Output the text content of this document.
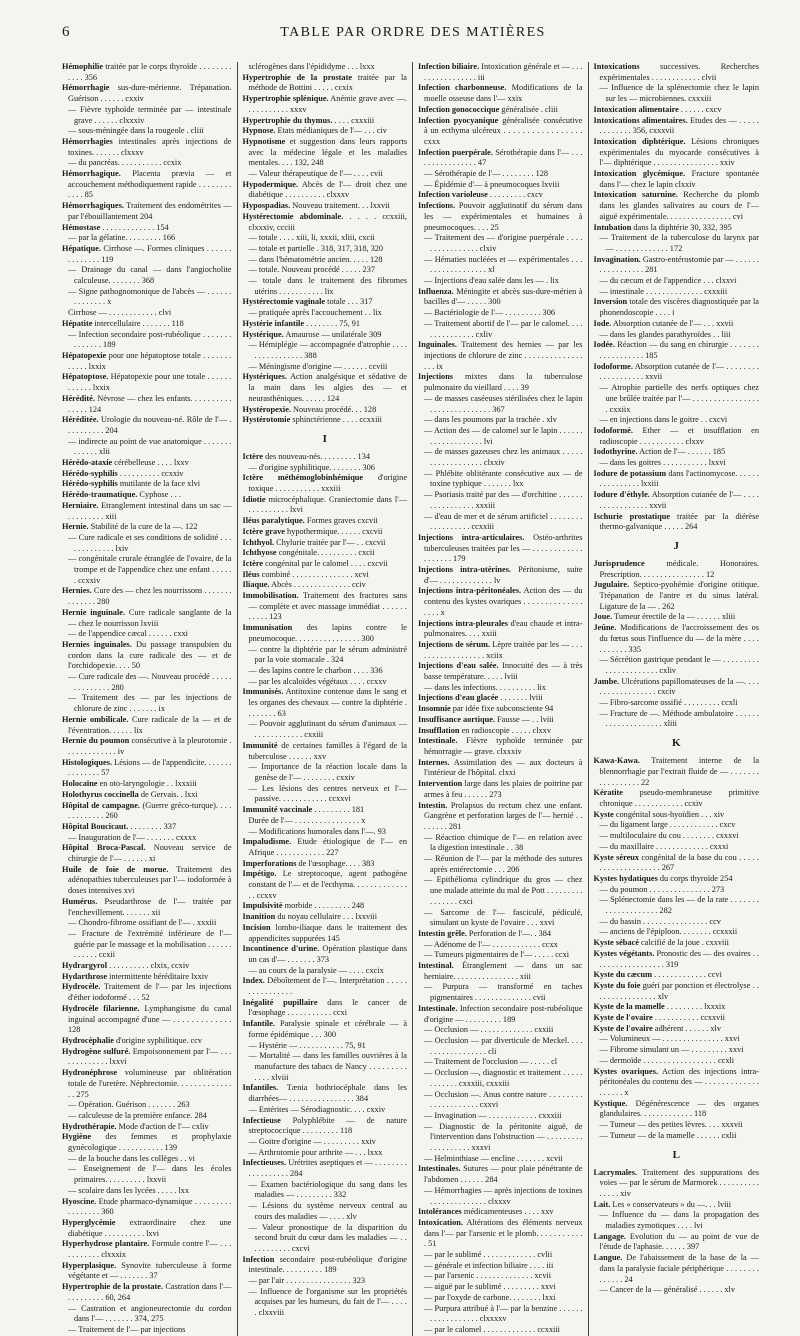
6	TABLE PAR ORDRE DES MATIÈRES

Hémophilie traitée par le corps thyroïde . . . . . . . . . . . . 356

Hémorrhagie sus-dure-mérienne. Trépanation. Guérison . . . . . . cxxiv

— Fièvre typhoïde terminée par — intestinale grave . . . . . . clxxxiv

— sous-méningée dans la rougeole . cliii

Hémorrhagies intestinales après injections de toxines. . . . . . . clxxxv

— du pancréas. . . . . . . . . . . ccxix

Hémorrhagique. Placenta prævia — et accouchement méthodiquement rapide . . . . . . . . . . . . 85

Hémorrhagiques. Traitement des endométrites — par l'ébouillantement 204

Hémostase . . . . . . . . . . . . . 154

— par la gélatine. . . . . . . . . 166

Hépatique. Cirrhose —. Formes cliniques . . . . . . . . . . . . . . 119

— Drainage du canal — dans l'angiocholite calculeuse. . . . . . . . 368

— Signe pathognomonique de l'abcès — . . . . . . . . . . . . . . x

Cirrhose — . . . . . . . . . . . . clvi

Hépatite intercellulaire . . . . . . . 118

— Infection secondaire post-rubéolique . . . . . . . . . . . . . . 189

Hépatopexie pour une hépatoptose totale . . . . . . . . . . . . lxxix

Hépatoptose. Hépatopexie pour une totale . . . . . . . . . . . . lxxix

Hérédité. Névrose — chez les enfants. . . . . . . . . . . . . . . 124

Héréditée. Urologie du nouveau-né. Rôle de l'— . . . . . . . . . . 204

— indirecte au point de vue anatomique . . . . . . . . . . . . . xlii

Hérédo-ataxie cérébelleuse . . . . lxxv

Hérédo-syphilis . . . . . . . . . . ccxxiv

Hérédo-syphilis mutilante de la face xlvi

Hérédo-traumatique. Cyphose . . .

Herniaire. Etranglement intestinal dans un sac — . . . . . . . . . xiii

Hernie. Stabilité de la cure de la —. 122

— Cure radicale et ses conditions de solidité . . . . . . . . . . . . . lxiv

— congénitale crurale étranglée de l'ovaire, de la trompe et de l'appendice chez une enfant . . . . . . ccxxiv

Hernies. Cure des — chez les nourrissons . . . . . . . . . . . . . . 280

Hernie inguinale. Cure radicale sanglante de la — chez le nourrisson lxviii

— de l'appendice cæcal . . . . . . cxxi

Hernies inguinales. Du passage transpubien du cordon dans la cure radicale des — et de l'orchidopexie. . . . 50

— Cure radicale des —. Nouveau procédé . . . . . . . . . . . . . . 280

— Traitement des — par les injections de chlorure de zinc . . . . . . . ix

Hernie ombilicale. Cure radicale de la — et de l'éventration. . . . . . lix

Hernie du poumon consécutive à la pleurotomie . . . . . . . . . . . . . iv

Histologiques. Lésions — de l'appendicite. . . . . . . . . . . . . . . 57

Holocaïne en oto-laryngologie . . lxxxiii

Holothyrus coccinella de Gervais. . lxxi

Hôpital de campagne. (Guerre gréco-turque). . . . . . . . . . . . . 260

Hôpital Boucicaut. . . . . . . . . 337

— Inauguration de l'— . . . . . . . cxxxx

Hôpital Broca-Pascal. Nouveau service de chirurgie de l'— . . . . . . xi

Huile de foie de morue. Traitement des adénopathies tuberculeuses par l'— iodoformée à doses intensives xvi

Humérus. Pseudarthrose de l'— traitée par l'enchevillement. . . . . . . xii

— Chondro-fibrome ossifiant de l'— . xxxiii

— Fracture de l'extrémité inférieure de l'— guérie par le massage et la mobilisation . . . . . . . . . . . . ccxii

Hydrargyrol . . . . . . . . . . clxix, ccxiv

Hydarthrose intermittente héréditaire lxxiv

Hydrocèle. Traitement de l'— par les injections d'éther iodoformé . . . 52

Hydrocèle filarienne. Lymphangisme du canal inguinal accompagné d'une — . . . . . . . . . . . . . 128

Hydrocéphalie d'origine syphilitique. ccv

Hydrogène sulfuré. Empoisonnement par l'— . . . . . . . . . . . . . lxxvi

Hydronéphrose volumineuse par oblitération totale de l'uretère. Néphrectomie. . . . . . . . . . . . . . . 275

— Opération. Guérison . . . . . . . 263

— calculeuse de la première enfance. 284

Hydrothérapie. Mode d'action de l'— cxliv

Hygiène des femmes et prophylaxie gynécologique . . . . . . . . . . . 139

— de la bouche dans les collèges . . vi

— Enseignement de l'— dans les écoles primaires. . . . . . . . . . lxxvii

— scolaire dans les lycées . . . . . lxx

Hyoscine. Etude pharmaco-dynamique . . . . . . . . . . . . . . . . . 360

Hyperglycémie extraordinaire chez une diabétique . . . . . . . . . . lxvi

Hyperhydrose plantaire. Formule contre l'— . . . . . . . . . . . clxxxix

Hyperplasique. Synovite tuberculeuse à forme végétante et — . . . . . . . 37

Hypertrophie de la prostate. Castration dans l'— . . . . . . . . . 60, 264

— Castration et angioneurectomie du cordon dans l'— . . . . . . . 374, 275

— Traitement de l'— par injections

sclérogènes dans l'épididyme . . . lxxx

Hypertrophie de la prostate traitée par la méthode de Bottini . . . . . ccxix

Hypertrophie splénique. Anémie grave avec —. . . . . . . . . . . xxxv

Hypertrophie du thymus. . . . . cxxxiii

Hypnose. Etats médianiques de l'— . . . civ

Hypnotisme et suggestion dans leurs rapports avec la médecine légale et les maladies mentales. . . . 132, 248

— Valeur thérapeutique de l'— . . . . cvii

Hypodermique. Abcès de l'— droit chez une diabétique . . . . . . . . . . clxxxv

Hypospadias. Nouveau traitement. . . lxxvii

Hystérectomie abdominale. . . . . ccxxiii, clxxxiv, ccciii

— totale . . . . xiii, li, xxxii, xliii, cxcii

— totale et partielle . 318, 317, 318, 320

— dans l'hématométrie ancien. . . . . 128

— totale. Nouveau procédé . . . . . 237

— totale dans le traitement des fibromes utérins . . . . . . . . . . . lix

Hystérectomie vaginale totale . . . 317

— pratiquée après l'accouchement . . lix

Hystérie infantile . . . . . . . . 75, 91

Hystérique. Amaurose — unilatérale 309

— Hémiplégie — accompagnée d'atrophie . . . . . . . . . . . . . . . . 388

— Méningisme d'origine — . . . . . . ccviii

Hystériques. Action analgésique et sédative de la main dans les algies des — et neurasthéniques. . . . . . 124

Hystéropexie. Nouveau procédé. . . 128

Hystérotomie sphinctérienne . . . . ccxxiii

I

Ictère des nouveau-nés. . . . . . . . . 134

— d'origine syphilitique. . . . . . . . 306

Ictère méthémoglobinhémique d'origine toxique . . . . . . . . . . . xxxiii

Idiotie microcéphalique. Craniectomie dans l'— . . . . . . . . . . lxvi

Iléus paralytique. Formes graves cxcvii

Ictère grave hypothermique. . . . . . cxcvii

Ichthyol. Chylurie traitée par l'— . . cxcvii

Ichthyose congénitale. . . . . . . . . . cxcii

Ictère congénital par le calomel . . . . cxcvii

Iléus combiné . . . . . . . . . . . . . . . xcvi

Iliaque. Abcès . . . . . . . . . . . . . . cciv

Immobilisation. Traitement des fractures sans — complète et avec massage immédiat . . . . . . . . . . . 123

Immunisation des lapins contre le pneumocoque. . . . . . . . . . . . . . . . 300

— contre la diphtérie par le sérum administré par la voie stomacale . 324

— des lapins contre le charbon . . . . 336

— par les alcaloïdes végétaux . . . . ccxxv

Immunisés. Antitoxine contenue dans le sang et les organes des chevaux — contre la diphtérie . . . . . . . . 63

— Pouvoir agglutinant du sérum d'animaux — . . . . . . . . . . . . cxxiii

Immunité de certaines familles à l'égard de la tuberculose . . . . . . xxv

— Importance de la réaction locale dans la genèse de l'— . . . . . . . . cxxiv

— Les lésions des centres nerveux et l'— passive. . . . . . . . . . . . ccxxvi

Immunité vaccinale . . . . . . . . . 181

Durée de l'— . . . . . . . . . . . . . . . . x

— Modifications humorales dans l'—. 93

Impaludisme. Etude étiologique de l'— en Afrique . . . . . . . . . . . . 227

Imperforations de l'œsophage. . . . 383

Impétigo. Le streptocoque, agent pathogène constant de l'— et de l'ecthyma. . . . . . . . . . . . . . . ccxxv

Impulsivité morbide . . . . . . . . . 248

Inanition du noyau cellulaire . . . lxxviii

Incision lombo-iliaque dans le traitement des appendicites suppurées 145

Incontinence d'urine. Opération plastique dans un cas d'— . . . . . . . 373

— au cours de la paralysie — . . . . cxcix

Index. Déboîtement de l'—. Interprétation . . . . . . . . . . . . . . . .

Inégalité pupillaire dans le cancer de l'œsophage . . . . . . . . . . . ccxi

Infantile. Paralysie spinale et cérébrale — à forme épidémique . . . 300

— Hystérie — . . . . . . . . . . . 75, 91

— Mortalité — dans les familles ouvrières à la manufacture des tabacs de Nancy . . . . . . . . . . . . . xlviii

Infantiles. Tænia bothriocéphale dans les diarrhées— . . . . . . . . . . . . . . . . 384

— Entérites — Sérodiagnostic. . . . cxxiv

Infectieuse Polyphlébite — de nature streptococcique . . . . . . . . . 118

— Goitre d'origine — . . . . . . . . . xxiv

— Arthrotomie pour arthrite — . . . lxxx

Infectieuses. Urétrites aseptiques et — . . . . . . . . . . . . . . . . . . 284

— Examen bactériologique du sang dans les maladies — . . . . . . . . . 332

— Lésions du système nerveux central au cours des maladies — . . . . xlv

— Valeur pronostique de la disparition du second bruit du cœur dans les maladies — . . . . . . . . . . . cxcvi

Infection secondaire post-rubéolique d'origine intestinale. . . . . . . . . . 189

— par l'air . . . . . . . . . . . . . . . . 323

— Influence de l'organisme sur les propriétés acquises par les humeurs, du fait de l'— . . . . . clxxviii

Infection biliaire. Intoxication générale et — . . . . . . . . . . . . . . . . iii

Infection charbonneuse. Modifications de la moelle osseuse dans l'— xxix

Infection gonococcique généralisée . cliii

Infection pyocyanique généralisée consécutive à un ecthyma ulcéreux . . . . . . . . . . . . . . . . . cxxx

Infection puerpérale. Sérothérapie dans l'— . . . . . . . . . . . . . . . . 47

— Sérothérapie de l'— . . . . . . . . 128

— Épidémie d'— à pneumocoques lxviii

Infection varioleuse . . . . . . . . . cxcv

Infections. Pouvoir agglutinatif du sérum dans les — expérimentales et humaines à pneumocoques. . . . 25

— Traitement des — d'origine puerpérale . . . . . . . . . . . . . . . . clxiv

— Hématies nucléées et — expérimentales . . . . . . . . . . . . . . . . . xl

— Injections d'eau salée dans les — . lix

Influenza. Méningite et abcès sus-dure-mérien à bacilles d'— . . . . . 300

— Bactériologie de l'— . . . . . . . . . 306

— Traitement abortif de l'— par le calomel. . . . . . . . . . . . . . . cxliv

Inguinales. Traitement des hernies — par les injections de chlorure de zinc . . . . . . . . . . . . . . . . . ix

Injections mixtes dans la tuberculose pulmonaire du vieillard . . . . 39

— de masses caséeuses stérilisées chez le lapin . . . . . . . . . . . . . . . 367

— dans les poumons par la trachée . xlv

— Action des — de calomel sur le lapin . . . . . . . . . . . . . . . . . . . lvi

— de masses gazeuses chez les animaux . . . . . . . . . . . . . . . . . . clxxiv

— Phlébite oblitérante consécutive aux — de toxine typhique . . . . . . . lxx

— Psoriasis traité par des — d'orchitine . . . . . . . . . . . . . . . . . xxxiii

— d'eau de mer et de sérum artificiel . . . . . . . . . . . . . . . . . . ccxxiii

Injections intra-articulaires. Ostéo-arthrites tuberculeuses traitées par les — . . . . . . . . . . . . . . . . . . . 179

Injections intra-utérines. Péritonisme, suite d'— . . . . . . . . . . . . . lv

Injections intra-péritonéales. Action des — du contenu des kystes ovariques . . . . . . . . . . . . . . . . . . x

Injections intra-pleurales d'eau chaude et intra-pulmonaires. . . . xxiii

Injections de sérum. Lèpre traitée par les — . . . . . . . . . . . . . . . . . . xciix

Injections d'eau salée. Innocuité des — à très basse température. . . . . lviii

— dans les infections. . . . . . . . . . lix

Injections d'eau glacée . . . . . . . lviii

Insomnie par idée fixe subconsciente 94

Insuffisance aortique. Fausse — . . lviii

Insufflation en radioscopie . . . . . clxxv

Intestinale. Fièvre typhoïde terminée par hémorragie — grave. clxxxiv

Internes. Assimilation des — aux docteurs à l'intérieur de l'hôpital. clxxi

Intervention large dans les plaies de poitrine par armes à feu . . . . . . 273

Intestin. Prolapsus du rectum chez une enfant. Gangrène et perforation larges de l'— hernié . . . . . . . . 281

— Réaction chimique de l'— en relation avec la digestion intestinale . . 38

— Réunion de l'— par la méthode des sutures après entérectomie . . . 206

— Epithélioma cylindrique du gros — chez une malade atteinte du mal de Pott . . . . . . . . . . . . . . . . cxci

— Sarcome de l'— fasciculé, pédiculé, simulant un kyste de l'ovaire . . . xxvi

Intestin grêle. Perforation de l'—. . 384

— Adénome de l'— . . . . . . . . . . . . ccxx

— Tumeurs pigmentaires de l'— . . . . . ccxi

Intestinal. Étranglement — dans un sac herniaire. . . . . . . . . . . . . . . . xiii

— Purpura — transformé en taches pigmentaires . . . . . . . . . . . . . . cvii

Intestinale. Infection secondaire post-rubéolique d'origine — . . . . . . . . . 189

— Occlusion — . . . . . . . . . . . . . cxxiii

— Occlusion — par diverticule de Meckel. . . . . . . . . . . . . . . . . . cli

— Traitement de l'occlusion — . . . . . cl

— Occlusion —, diagnostic et traitement . . . . . . . . . . . . cxxxiii, cxxxiii

— Occlusion —. Anus contre nature . . . . . . . . . . . . . . . . . . . . cxxvi

— Invagination — . . . . . . . . . . . . cxxxiii

— Diagnostic de la péritonite aiguë, de l'intervention dans l'obstruction — . . . . . . . . . . . . . . . . . . . xxxvi

— Helminthiase — encline . . . . . . . xcvii

Intestinales. Sutures — pour plaie pénétrante de l'abdomen . . . . . . 284

— Hémorrhagies — après injections de toxines . . . . . . . . . . . . . . clxxxv

Intolérances médicamenteuses . . . . xxv

Intoxication. Altérations des éléments nerveux dans l'— par l'arsenic et le plomb. . . . . . . . . . . . 51

— par le sublimé . . . . . . . . . . . . . cvlii

— générale et infection biliaire . . . . iii

— par l'arsenic . . . . . . . . . . . . . . xcvii

— aiguë par le sublimé . . . . . . . . . xxvi

— par l'oxyde de carbone. . . . . . . . lxxi

— Purpura attribué à l'— par la benzine . . . . . . . . . . . . . . . . . . clxxxxv

— par le calomel . . . . . . . . . . . . . ccxxiii

Intoxications successives. Recherches expérimentales . . . . . . . . . . . . clvii

— Influence de la splénectomie chez le lapin sur les — microbiennes. cxxxiii

Intoxication alimentaire . . . . . . cxcv

Intoxications alimentaires. Etudes des — . . . . . . . . . . . . . 356, cxxxvii

Intoxication diphtérique. Lésions chroniques expérimentales du myocarde consécutives à l'— diphtérique . . . . . . . . . . . . . . . . xxiv

Intoxication glycémique. Fracture spontanée dans l'— chez le lapin clxxiv

Intoxication saturnine. Recherche du plomb dans les glandes salivaires au cours de l'— aiguë expérimentale. . . . . . . . . . . . . . . . cvi

Intubation dans la diphtérie 30, 332, 395

— Traitement de la tuberculose du larynx par — . . . . . . . . . . . . . 172

Invagination. Gastro-entérostomie par — . . . . . . . . . . . . . . . . . 281

— du cæcum et de l'appendice . . . clxxvi

— intestinale . . . . . . . . . . . . . . cxxxiii

Inversion totale des viscères diagnostiquée par la phonendoscopie . . . . i

Iode. Absorption cutanée de l'— . . . xxvii

— dans les glandes parathyroïdes . . liii

Iodée. Réaction — du sang en chirurgie . . . . . . . . . . . . . . . . . . 185

Iodoforme. Absorption cutanée de l'— . . . . . . . . . . . . . . . . . . . xxvii

— Atrophie partielle des nerfs optiques chez une brûlée traitée par l'— . . . . . . . . . . . . . . . . . cxxiix

— en injections dans le goitre . . cxcvi

Iodoformé. Ether — et insufflation en radioscopie . . . . . . . . . . . clxxv

Iodothyrine. Action de l'— . . . . . . 185

— dans les goitres . . . . . . . . . . . lxxvi

Iodure de potassium dans l'actinomycose. . . . . . . . . . . . . . . . lxxiii

Iodure d'éthyle. Absorption cutanée de l'— . . . . . . . . . . . . . . . . xxvii

Ischurie prostatique traitée par la diérèse thermo-galvanique . . . . . 264

J

Jurisprudence médicale. Honoraires. Prescription. . . . . . . . . . . . . . . . 12

Jugulaire. Septico-pyohémie d'origine otitique. Trépanation de l'antre et du sinus latéral. Ligature de la — . 262

Joue. Tumeur érectile de la — . . . . . . xliii

Jeûne. Modifications de l'accroissement des os du fœtus sous l'influence du — de la mère . . . . . . . . . . . 335

— Sécrétion gastrique pendant le — . . . . . . . . . . . . . . . . . . . . . . cxliv

Jambe. Ulcérations papillomateuses de la —. . . . . . . . . . . . . . . . . . cxciv

— Fibro-sarcome ossifié . . . . . . . . . ccxli

— Fracture de —. Méthode ambulatoire . . . . . . . . . . . . . . . . . . . . xliii

K

Kawa-Kawa. Traitement interne de la blennorrhagie par l'extrait fluide de — . . . . . . . . . . . . . . . . . 22

Kératite pseudo-membraneuse primitive chronique . . . . . . . . . . . . ccxiv

Kyste congénital sous-hyoïdien . . . xiv

— du ligament large . . . . . . . . . . . . cxcv

— multiloculaire du cou . . . . . . . . cxxxvi

— du maxillaire . . . . . . . . . . . . . cxxxi

Kyste séreux congénital de la base du cou . . . . . . . . . . . . . . . . . . . . 267

Kystes hydatiques du corps thyroïde 254

— du poumon . . . . . . . . . . . . . . . 273

— Splénectomie dans les — de la rate . . . . . . . . . . . . . . . . . . . . 282

— du bassin . . . . . . . . . . . . . . . . ccv

— anciens de l'épiploon. . . . . . . . ccxxxii

Kyste sébacé calcifié de la joue . cxxviii

Kystes végétants. Pronostic des — des ovaires . . . . . . . . . . . . . . . . . . 319

Kyste du cæcum . . . . . . . . . . . . . ccvi

Kyste du foie guéri par ponction et électrolyse . . . . . . . . . . . . . . . . xlv

Kyste de la mamelle . . . . . . . . . lxxxix

Kyste de l'ovaire . . . . . . . . . . . ccxxvii

Kyste de l'ovaire adhérent . . . . . . xlv

— Volumineux — . . . . . . . . . . . . . . . xxvi

— Fibrome simulant un — . . . . . . . . . xxvi

— dermoïde . . . . . . . . . . . . . . . . . . ccxli

Kystes ovariques. Action des injections intra-péritonéales du contenu des — . . . . . . . . . . . . . . . . . . . x

Kystique. Dégénérescence — des organes glandulaires. . . . . . . . . . . . . 118

— Tumeur — des petites lèvres. . . . xxxvii

— Tumeur — de la mamelle . . . . . . cxlii

L

Lacrymales. Traitement des suppurations des voies — par le sérum de Marmorek . . . . . . . . . . . . . . . xiv

Lait. Les « conservateurs » du —. . . lviii

— Influence du — dans la propagation des maladies zymotiques . . . . lvi

Langage. Evolution du — au point de vue de l'étude de l'aphasie. . . . . . 397

Langue. De l'abaissement de la base de la — dans la paralysie faciale périphérique . . . . . . . . . . . . . . 24

— Cancer de la — généralisé . . . . . . xlv
